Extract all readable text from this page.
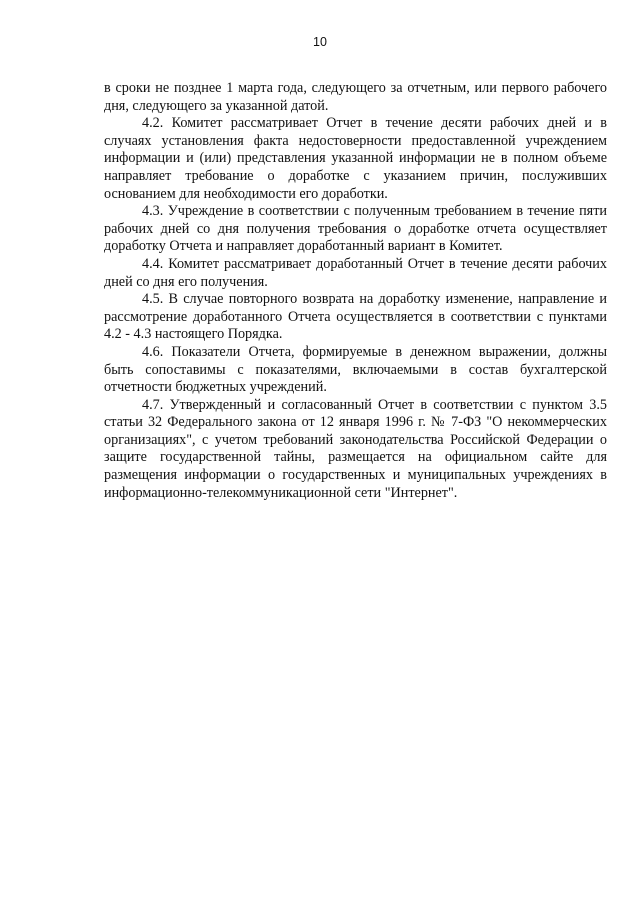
10

в сроки не позднее 1 марта года, следующего за отчетным, или первого рабочего дня, следующего за указанной датой.

4.2. Комитет рассматривает Отчет в течение десяти рабочих дней и в случаях установления факта недостоверности предоставленной учреждением информации и (или) представления указанной информации не в полном объеме направляет требование о доработке с указанием причин, послуживших основанием для необходимости его доработки.

4.3. Учреждение в соответствии с полученным требованием в течение пяти рабочих дней со дня получения требования о доработке отчета осуществляет доработку Отчета и направляет доработанный вариант в Комитет.

4.4. Комитет рассматривает доработанный Отчет в течение десяти рабочих дней со дня его получения.

4.5. В случае повторного возврата на доработку изменение, направление и рассмотрение доработанного Отчета осуществляется в соответствии с пунктами 4.2 - 4.3 настоящего Порядка.

4.6. Показатели Отчета, формируемые в денежном выражении, должны быть сопоставимы с показателями, включаемыми в состав бухгалтерской отчетности бюджетных учреждений.

4.7. Утвержденный и согласованный Отчет в соответствии с пунктом 3.5 статьи 32 Федерального закона от 12 января 1996 г. № 7-ФЗ "О некоммерческих организациях", с учетом требований законодательства Российской Федерации о защите государственной тайны, размещается на официальном сайте для размещения информации о государственных и муниципальных учреждениях в информационно-телекоммуникационной сети "Интернет".
